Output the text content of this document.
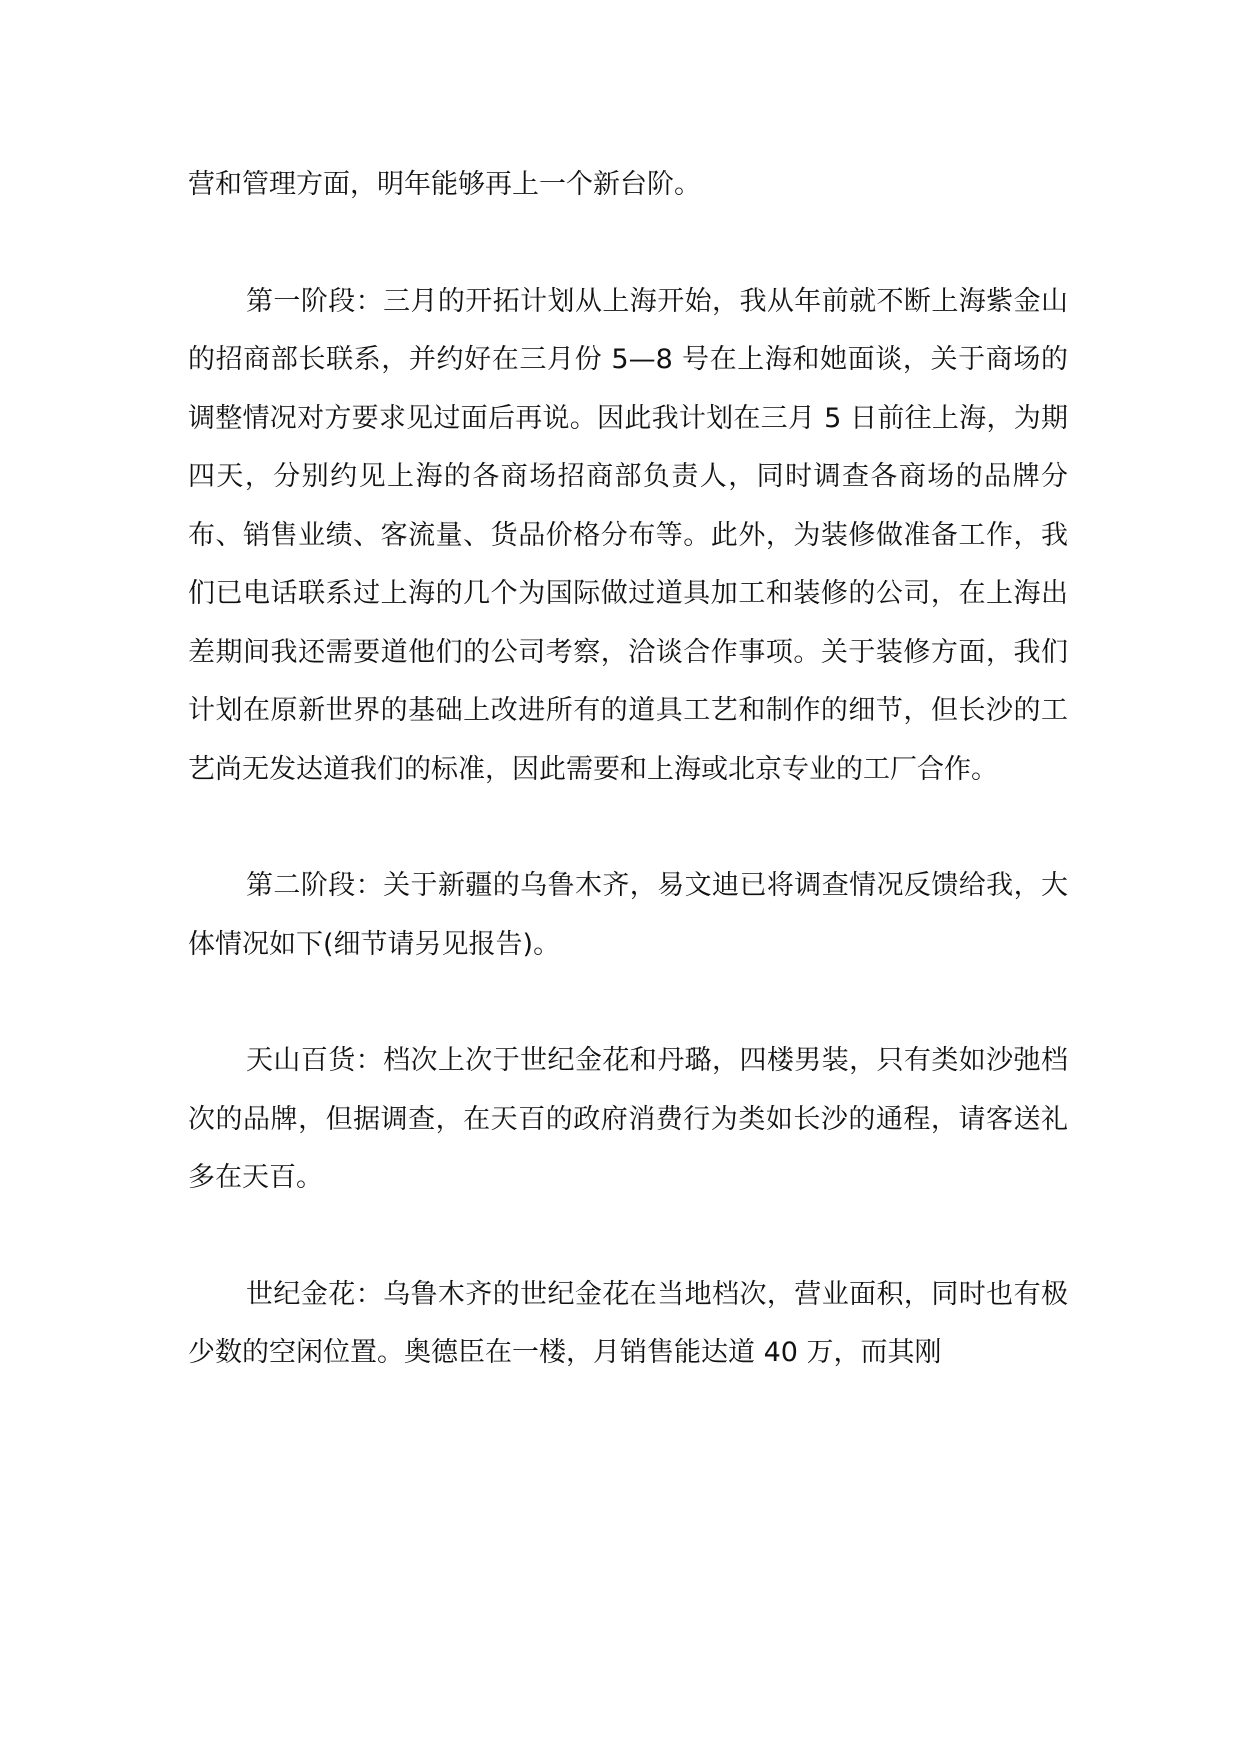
营和管理方面，明年能够再上一个新台阶。

第一阶段：三月的开拓计划从上海开始，我从年前就不断上海紫金山的招商部长联系，并约好在三月份 5—8 号在上海和她面谈，关于商场的调整情况对方要求见过面后再说。因此我计划在三月 5 日前往上海，为期四天，分别约见上海的各商场招商部负责人，同时调查各商场的品牌分布、销售业绩、客流量、货品价格分布等。此外，为装修做准备工作，我们已电话联系过上海的几个为国际做过道具加工和装修的公司，在上海出差期间我还需要道他们的公司考察，洽谈合作事项。关于装修方面，我们计划在原新世界的基础上改进所有的道具工艺和制作的细节，但长沙的工艺尚无发达道我们的标准，因此需要和上海或北京专业的工厂合作。

第二阶段：关于新疆的乌鲁木齐，易文迪已将调查情况反馈给我，大体情况如下(细节请另见报告)。

天山百货：档次上次于世纪金花和丹璐，四楼男装，只有类如沙弛档次的品牌，但据调查，在天百的政府消费行为类如长沙的通程，请客送礼多在天百。

世纪金花：乌鲁木齐的世纪金花在当地档次，营业面积，同时也有极少数的空闲位置。奥德臣在一楼，月销售能达道 40 万，而其刚
